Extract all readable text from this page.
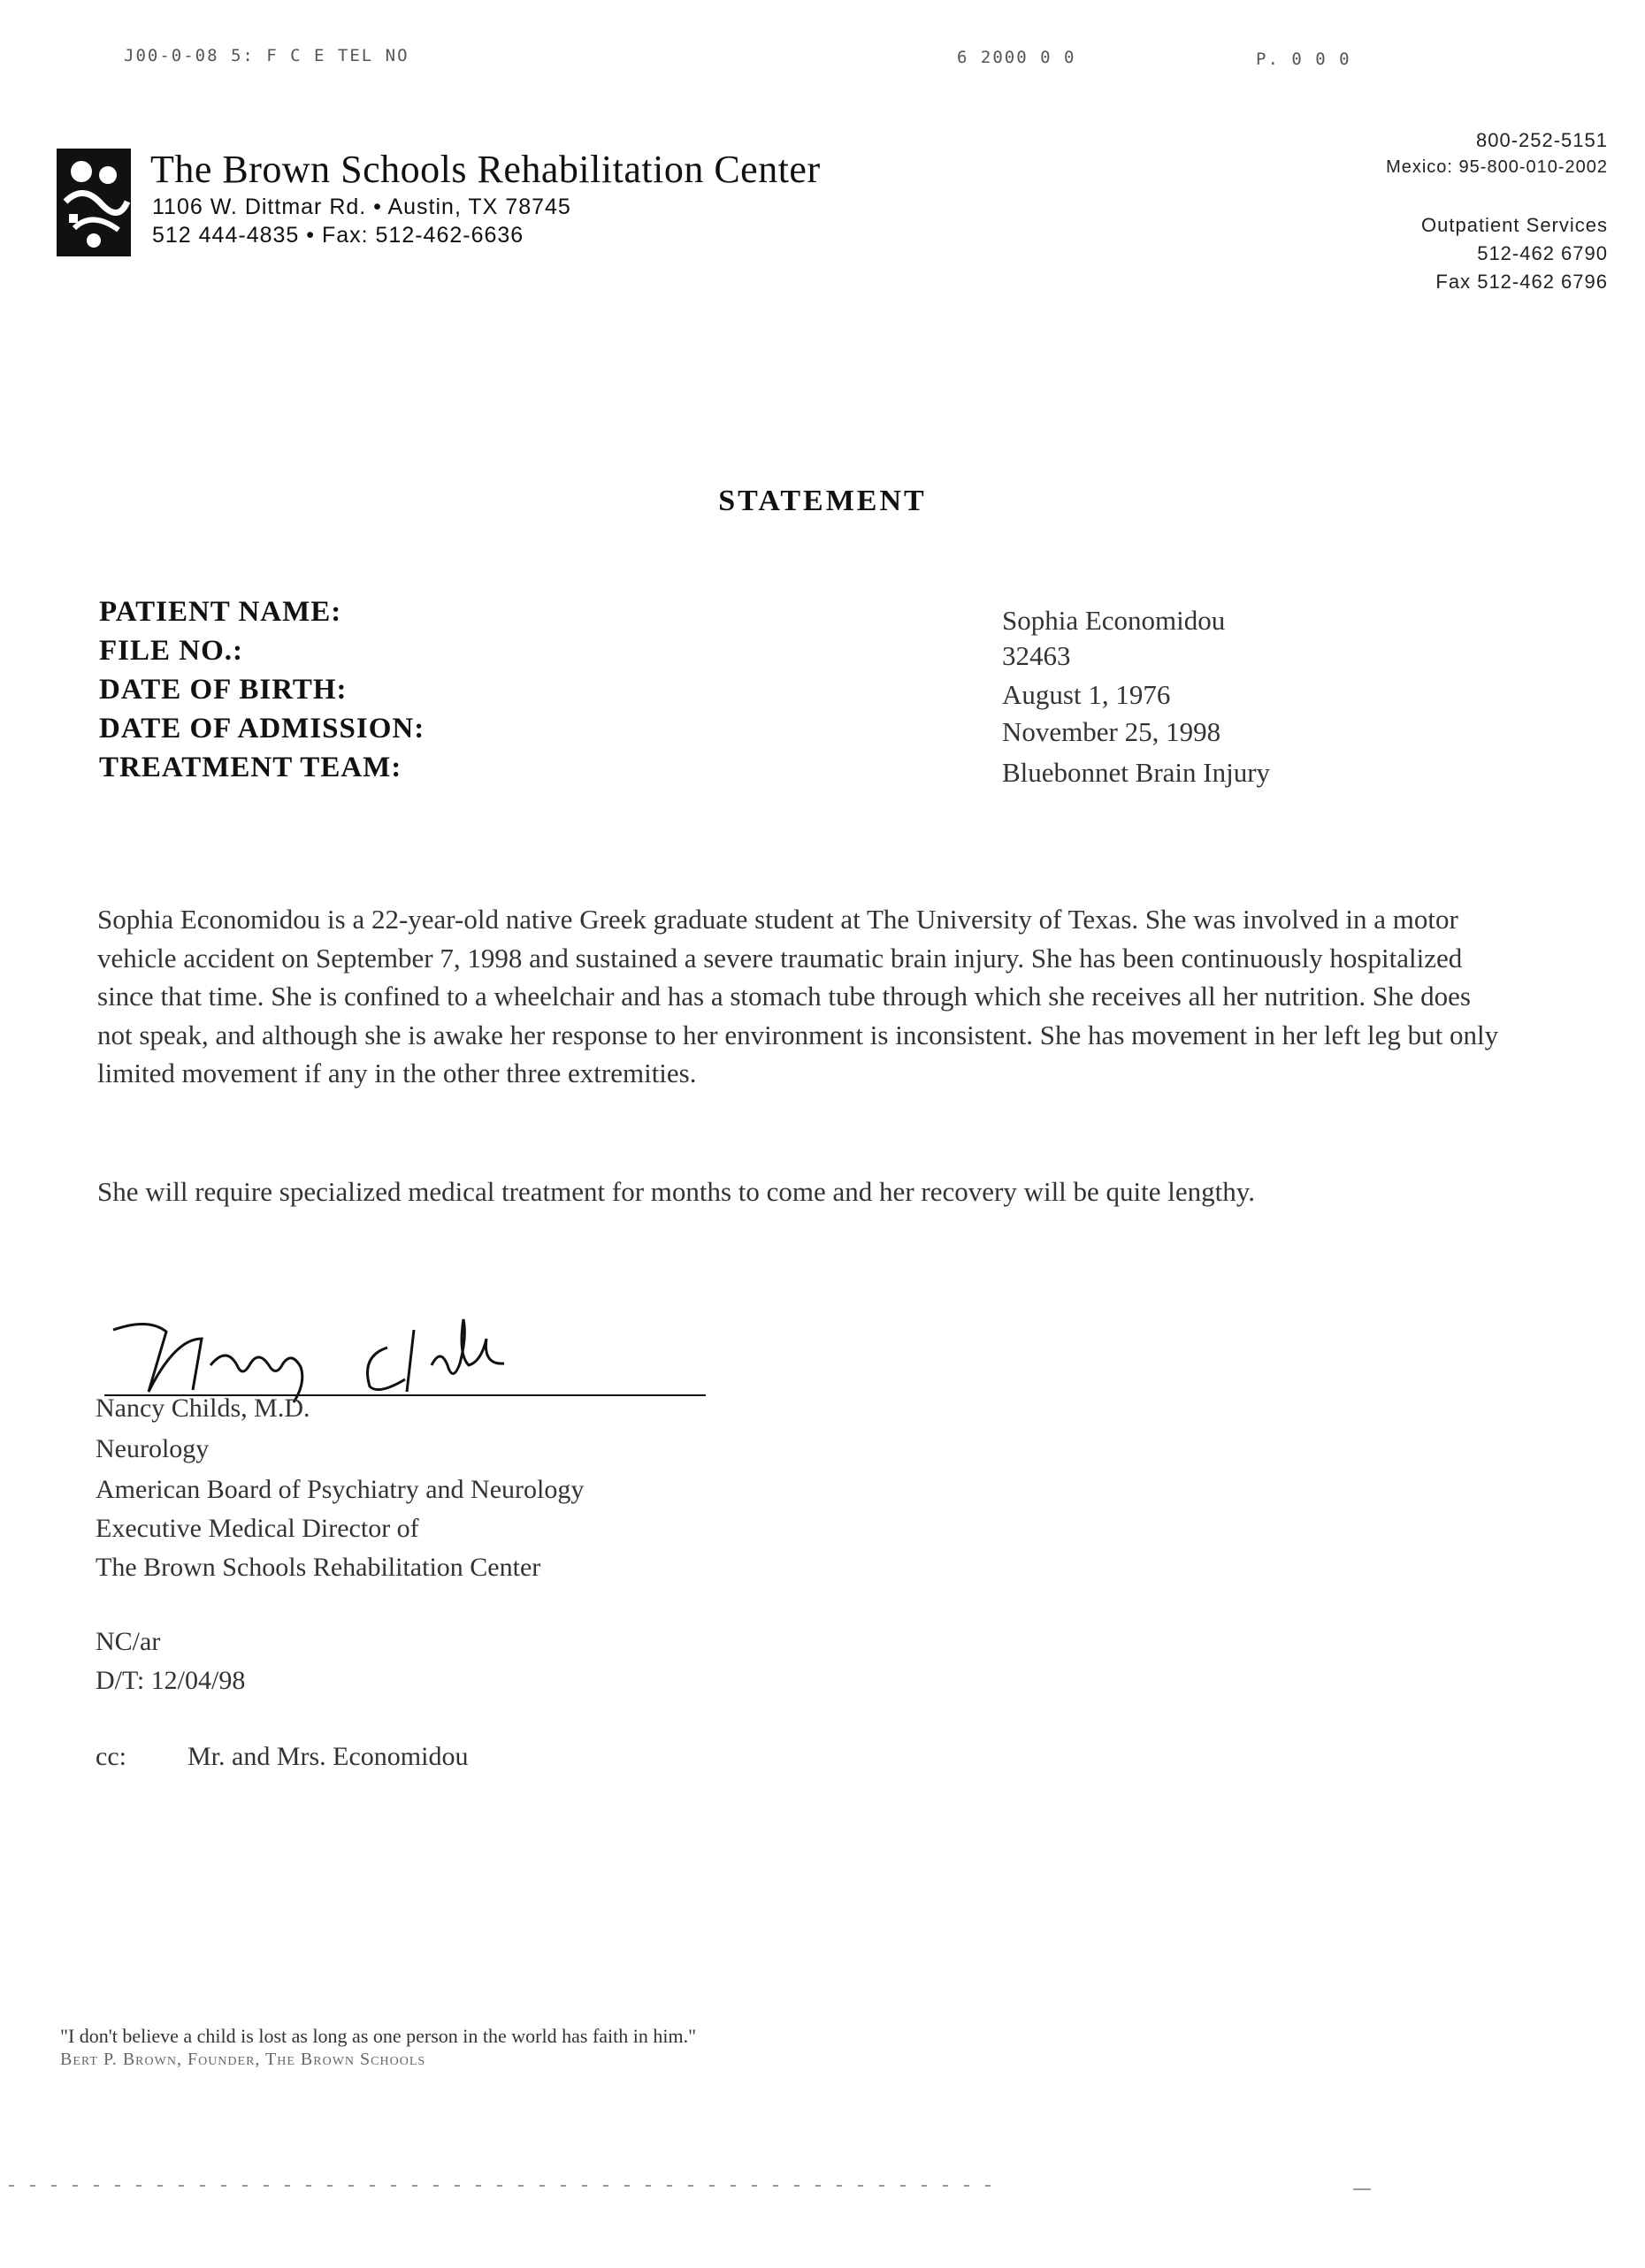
J00-0-08 5: F C E TEL NO	6 2000 0 0	P. 0 0 0
The Brown Schools Rehabilitation Center
1106 W. Dittmar Rd. • Austin, TX 78745
512 444-4835 • Fax: 512-462-6636
800-252-5151
Mexico: 95-800-010-2002
Outpatient Services
512-462 6790
Fax 512-462 6796
STATEMENT
PATIENT NAME:	Sophia Economidou
FILE NO.:	32463
DATE OF BIRTH:	August 1, 1976
DATE OF ADMISSION:	November 25, 1998
TREATMENT TEAM:	Bluebonnet Brain Injury
Sophia Economidou is a 22-year-old native Greek graduate student at The University of Texas. She was involved in a motor vehicle accident on September 7, 1998 and sustained a severe traumatic brain injury. She has been continuously hospitalized since that time. She is confined to a wheelchair and has a stomach tube through which she receives all her nutrition. She does not speak, and although she is awake her response to her environment is inconsistent. She has movement in her left leg but only limited movement if any in the other three extremities.
She will require specialized medical treatment for months to come and her recovery will be quite lengthy.
Nancy Childs, M.D.
Neurology
American Board of Psychiatry and Neurology
Executive Medical Director of
The Brown Schools Rehabilitation Center
NC/ar
D/T: 12/04/98
cc: Mr. and Mrs. Economidou
"I don't believe a child is lost as long as one person in the world has faith in him."
Bert P. Brown, Founder, The Brown Schools
